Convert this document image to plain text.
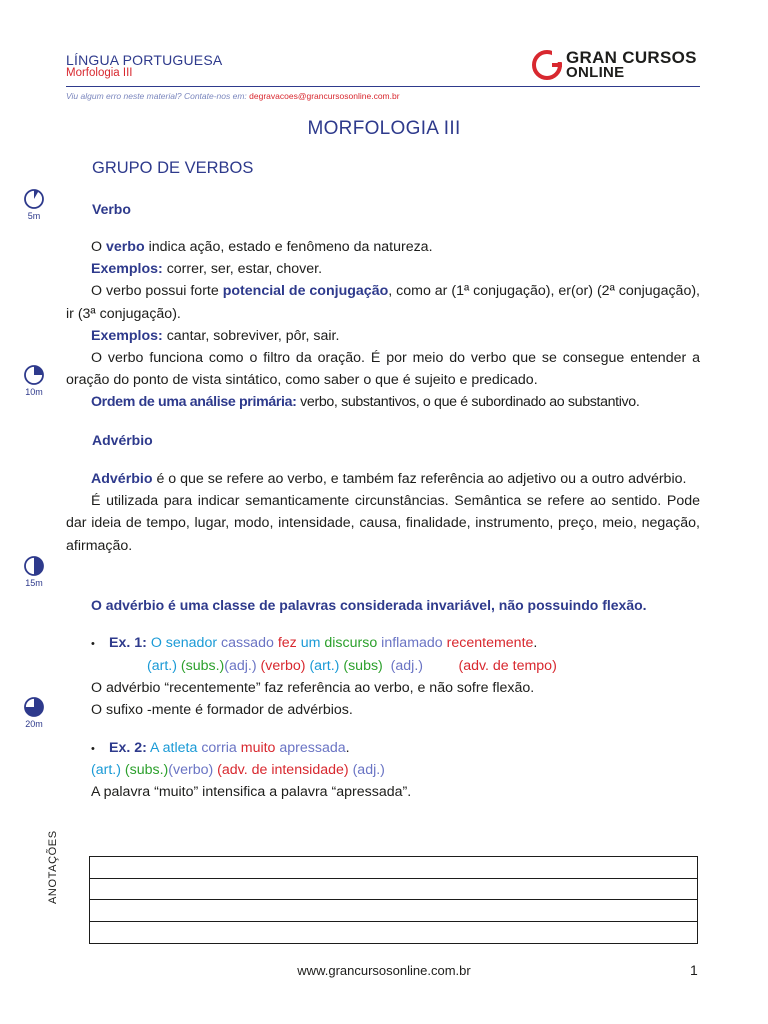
LÍNGUA PORTUGUESA
Morfologia III
GRAN CURSOS
ONLINE
Viu algum erro neste material? Contate-nos em: degravacoes@grancursosonline.com.br
MORFOLOGIA III
GRUPO DE VERBOS
5m
10m
15m
20m
Verbo
O verbo indica ação, estado e fenômeno da natureza.
Exemplos: correr, ser, estar, chover.
O verbo possui forte potencial de conjugação, como ar (1ª conjugação), er(or) (2ª conjugação), ir (3ª conjugação).
Exemplos: cantar, sobreviver, pôr, sair.
O verbo funciona como o filtro da oração. É por meio do verbo que se consegue entender a oração do ponto de vista sintático, como saber o que é sujeito e predicado.
Ordem de uma análise primária: verbo, substantivos, o que é subordinado ao substantivo.
Advérbio
Advérbio é o que se refere ao verbo, e também faz referência ao adjetivo ou a outro advérbio.
É utilizada para indicar semanticamente circunstâncias. Semântica se refere ao sentido. Pode dar ideia de tempo, lugar, modo, intensidade, causa, finalidade, instrumento, preço, meio, negação, afirmação.
O advérbio é uma classe de palavras considerada invariável, não possuindo flexão.
• Ex. 1: O senador cassado fez um discurso inflamado recentemente.
(art.) (subs.)(adj.) (verbo) (art.) (subs) (adj.) (adv. de tempo)
O advérbio “recentemente” faz referência ao verbo, e não sofre flexão.
O sufixo -mente é formador de advérbios.
• Ex. 2: A atleta corria muito apressada.
(art.) (subs.)(verbo) (adv. de intensidade) (adj.)
A palavra “muito” intensifica a palavra “apressada”.
ANOTAÇÕES
www.grancursosonline.com.br	1
